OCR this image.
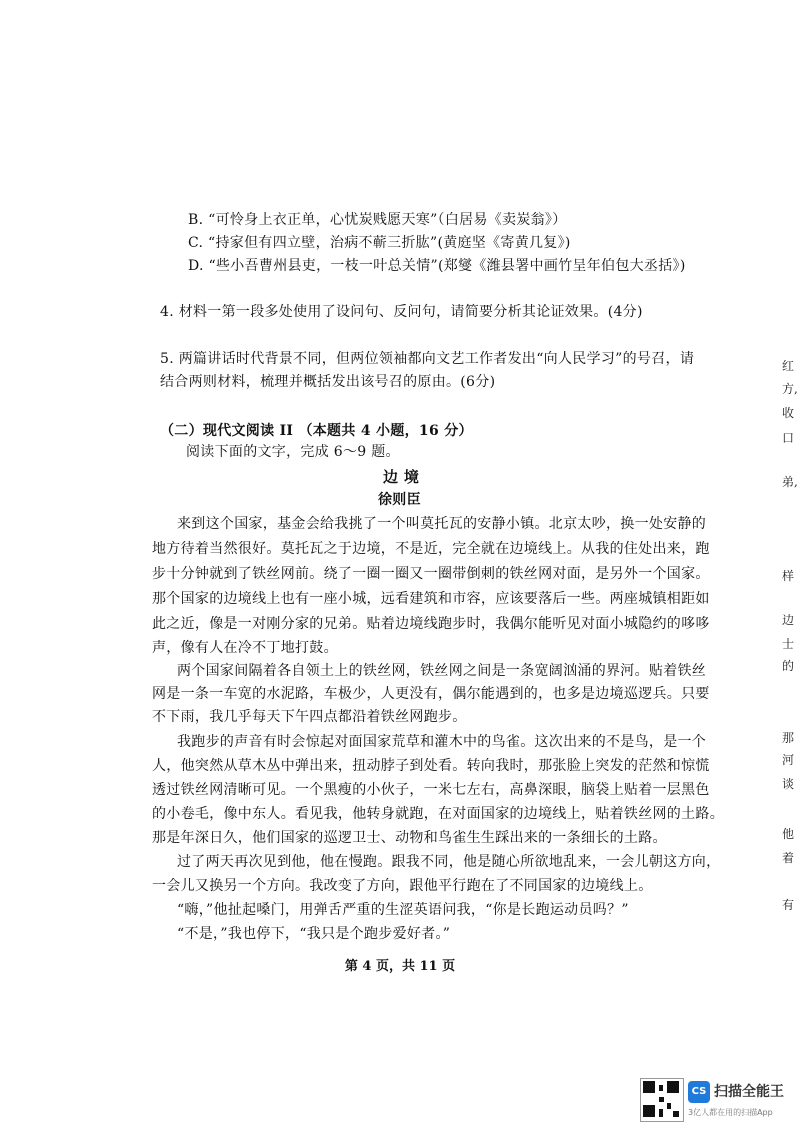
B. “可怜身上衣正单，心忧炭贱愿天寒”（白居易《卖炭翁》）
C. “持家但有四立壁，治病不蕲三折肱”(黄庭坚《寄黄几复》)
D. “些小吾曹州县吏，一枝一叶总关情”(郑燮《潍县署中画竹呈年伯包大丞括》)
4. 材料一第一段多处使用了设问句、反问句，请简要分析其论证效果。(4分)
5. 两篇讲话时代背景不同，但两位领袖都向文艺工作者发出“向人民学习”的号召，请
结合两则材料，梳理并概括发出该号召的原由。(6分)
（二）现代文阅读 II （本题共 4 小题，16 分）
阅读下面的文字，完成 6～9 题。
边 境
徐则臣
来到这个国家，基金会给我挑了一个叫莫托瓦的安静小镇。北京太吵，换一处安静的
地方待着当然很好。莫托瓦之于边境，不是近，完全就在边境线上。从我的住处出来，跑
步十分钟就到了铁丝网前。绕了一圈一圈又一圈带倒刺的铁丝网对面，是另外一个国家。
那个国家的边境线上也有一座小城，远看建筑和市容，应该要落后一些。两座城镇相距如
此之近，像是一对刚分家的兄弟。贴着边境线跑步时，我偶尔能听见对面小城隐约的哆哆
声，像有人在冷不丁地打鼓。
两个国家间隔着各自领土上的铁丝网，铁丝网之间是一条宽阔汹涌的界河。贴着铁丝
网是一条一车宽的水泥路，车极少，人更没有，偶尔能遇到的，也多是边境巡逻兵。只要
不下雨，我几乎每天下午四点都沿着铁丝网跑步。
我跑步的声音有时会惊起对面国家荒草和灌木中的鸟雀。这次出来的不是鸟，是一个
人，他突然从草木丛中弹出来，扭动脖子到处看。转向我时，那张脸上突发的茫然和惊慌
透过铁丝网清晰可见。一个黑瘦的小伙子，一米七左右，高鼻深眼，脑袋上贴着一层黑色
的小卷毛，像中东人。看见我，他转身就跑，在对面国家的边境线上，贴着铁丝网的土路。
那是年深日久，他们国家的巡逻卫士、动物和鸟雀生生踩出来的一条细长的土路。
过了两天再次见到他，他在慢跑。跟我不同，他是随心所欲地乱来，一会儿朝这方向，
一会儿又换另一个方向。我改变了方向，跟他平行跑在了不同国家的边境线上。
“嗨，”他扯起嗓门，用弹舌严重的生涩英语问我，“你是长跑运动员吗？”
“不是，”我也停下，“我只是个跑步爱好者。”
第 4 页，共 11 页
红
方,
收
口
弟,
样
边
士
的
那
河
谈
他
着
有
CS 扫描全能王
3亿人都在用的扫描App
